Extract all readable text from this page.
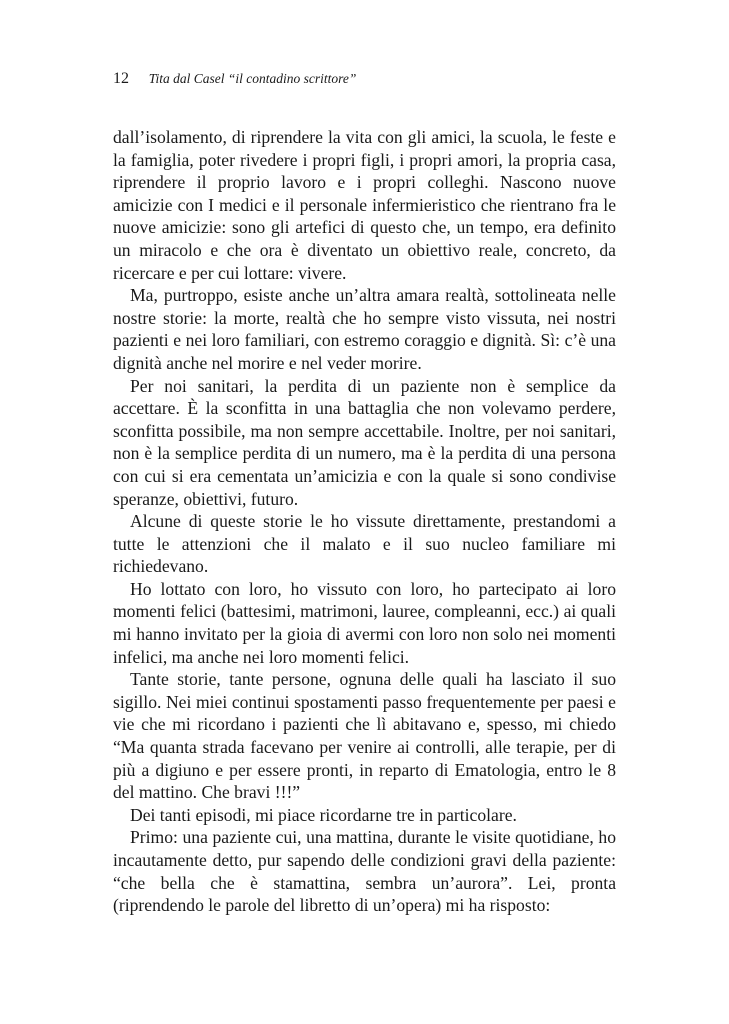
12 Tita dal Casel “il contadino scrittore”

dall’isolamento, di riprendere la vita con gli amici, la scuola, le feste e la famiglia, poter rivedere i propri figli, i propri amori, la propria casa, riprendere il proprio lavoro e i propri colleghi. Nascono nuove amicizie con I medici e il personale infermieristico che rientrano fra le nuove amicizie: sono gli artefici di questo che, un tempo, era definito un miracolo e che ora è diventato un obiettivo reale, concreto, da ricercare e per cui lottare: vivere.

Ma, purtroppo, esiste anche un’altra amara realtà, sottolineata nelle nostre storie: la morte, realtà che ho sempre visto vissuta, nei nostri pazienti e nei loro familiari, con estremo coraggio e dignità. Sì: c’è una dignità anche nel morire e nel veder morire.

Per noi sanitari, la perdita di un paziente non è semplice da accettare. È la sconfitta in una battaglia che non volevamo perdere, sconfitta possibile, ma non sempre accettabile. Inoltre, per noi sanitari, non è la semplice perdita di un numero, ma è la perdita di una persona con cui si era cementata un’amicizia e con la quale si sono condivise speranze, obiettivi, futuro.

Alcune di queste storie le ho vissute direttamente, prestandomi a tutte le attenzioni che il malato e il suo nucleo familiare mi richiedevano.

Ho lottato con loro, ho vissuto con loro, ho partecipato ai loro momenti felici (battesimi, matrimoni, lauree, compleanni, ecc.) ai quali mi hanno invitato per la gioia di avermi con loro non solo nei momenti infelici, ma anche nei loro momenti felici.

Tante storie, tante persone, ognuna delle quali ha lasciato il suo sigillo. Nei miei continui spostamenti passo frequentemente per paesi e vie che mi ricordano i pazienti che lì abitavano e, spesso, mi chiedo “Ma quanta strada facevano per venire ai controlli, alle terapie, per di più a digiuno e per essere pronti, in reparto di Ematologia, entro le 8 del mattino. Che bravi !!!”

Dei tanti episodi, mi piace ricordarne tre in particolare.

Primo: una paziente cui, una mattina, durante le visite quotidiane, ho incautamente detto, pur sapendo delle condizioni gravi della paziente: “che bella che è stamattina, sembra un’aurora”. Lei, pronta (riprendendo le parole del libretto di un’opera) mi ha risposto:
